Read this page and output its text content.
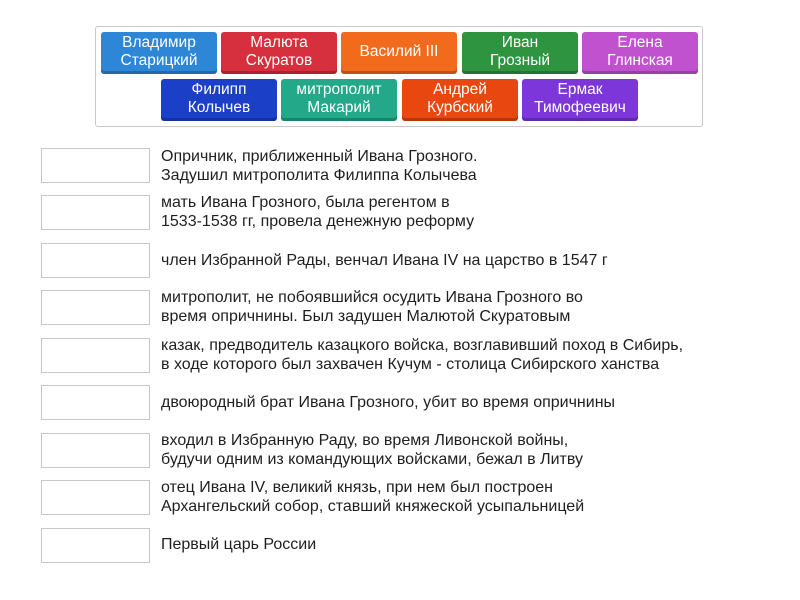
Владимир
Старицкий
Малюта
Скуратов
Василий III
Иван
Грозный
Елена
Глинская
Филипп
Колычев
митрополит
Макарий
Андрей
Курбский
Ермак
Тимофеевич
Опричник, приближенный Ивана Грозного.
Задушил митрополита Филиппа Колычева
мать Ивана Грозного, была регентом в
1533-1538 гг, провела денежную реформу
член Избранной Рады, венчал Ивана IV на царство в 1547 г
митрополит, не побоявшийся осудить Ивана Грозного во
время опричнины. Был задушен Малютой Скуратовым
казак, предводитель казацкого войска, возглавивший поход в Сибирь,
в ходе которого был захвачен Кучум - столица Сибирского ханства
двоюродный брат Ивана Грозного, убит во время опричнины
входил в Избранную Раду, во время Ливонской войны,
будучи одним из командующих войсками, бежал в Литву
отец Ивана IV, великий князь, при нем был построен
Архангельский собор, ставший княжеской усыпальницей
Первый царь России
